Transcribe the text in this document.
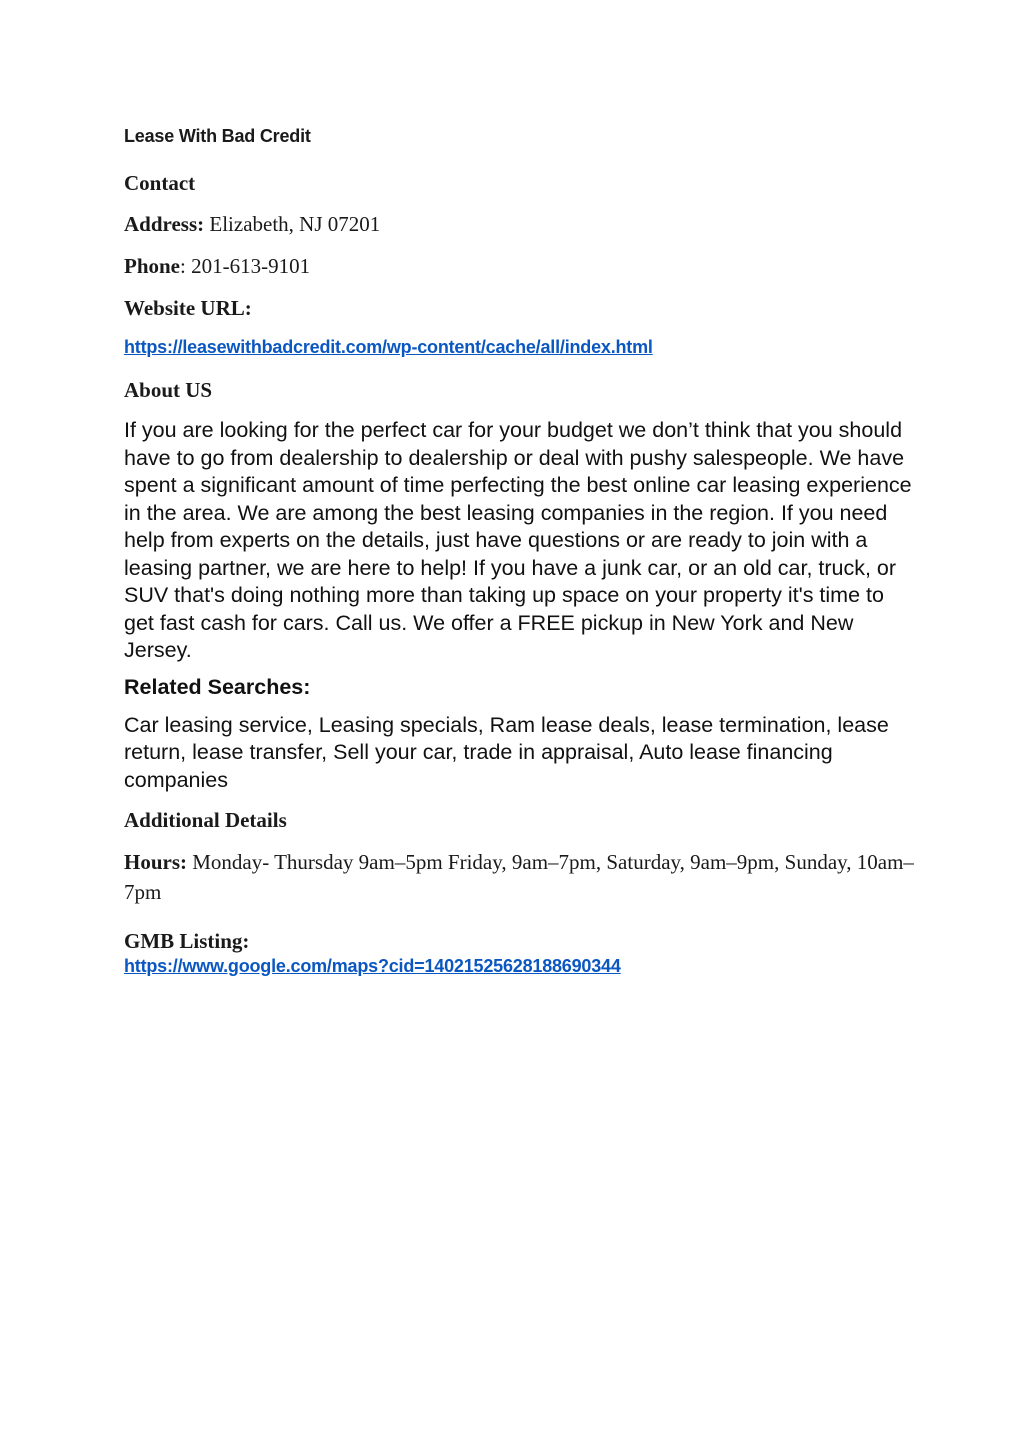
Lease With Bad Credit
Contact
Address: Elizabeth, NJ 07201
Phone: 201-613-9101
Website URL:
https://leasewithbadcredit.com/wp-content/cache/all/index.html
About US

If you are looking for the perfect car for your budget we don’t think that you should have to go from dealership to dealership or deal with pushy salespeople. We have spent a significant amount of time perfecting the best online car leasing experience in the area. We are among the best leasing companies in the region. If you need help from experts on the details, just have questions or are ready to join with a leasing partner, we are here to help! If you have a junk car, or an old car, truck, or SUV that's doing nothing more than taking up space on your property it's time to get fast cash for cars. Call us. We offer a FREE pickup in New York and New Jersey.

Related Searches:

Car leasing service, Leasing specials, Ram lease deals, lease termination, lease return, lease transfer, Sell your car, trade in appraisal, Auto lease financing companies

Additional Details

Hours: Monday- Thursday 9am–5pm Friday, 9am–7pm, Saturday, 9am–9pm, Sunday, 10am–7pm

GMB Listing:
https://www.google.com/maps?cid=14021525628188690344
